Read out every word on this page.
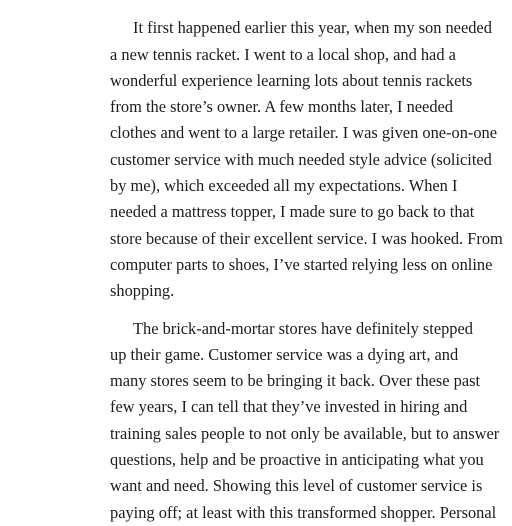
It first happened earlier this year, when my son needed
a new tennis racket. I went to a local shop, and had a
wonderful experience learning lots about tennis rackets
from the store’s owner. A few months later, I needed
clothes and went to a large retailer. I was given one-on-one
customer service with much needed style advice (solicited
by me), which exceeded all my expectations. When I
needed a mattress topper, I made sure to go back to that
store because of their excellent service. I was hooked. From
computer parts to shoes, I’ve started relying less on online
shopping.
The brick-and-mortar stores have definitely stepped
up their game. Customer service was a dying art, and
many stores seem to be bringing it back. Over these past
few years, I can tell that they’ve invested in hiring and
training sales people to not only be available, but to answer
questions, help and be proactive in anticipating what you
want and need. Showing this level of customer service is
paying off; at least with this transformed shopper. Personal
